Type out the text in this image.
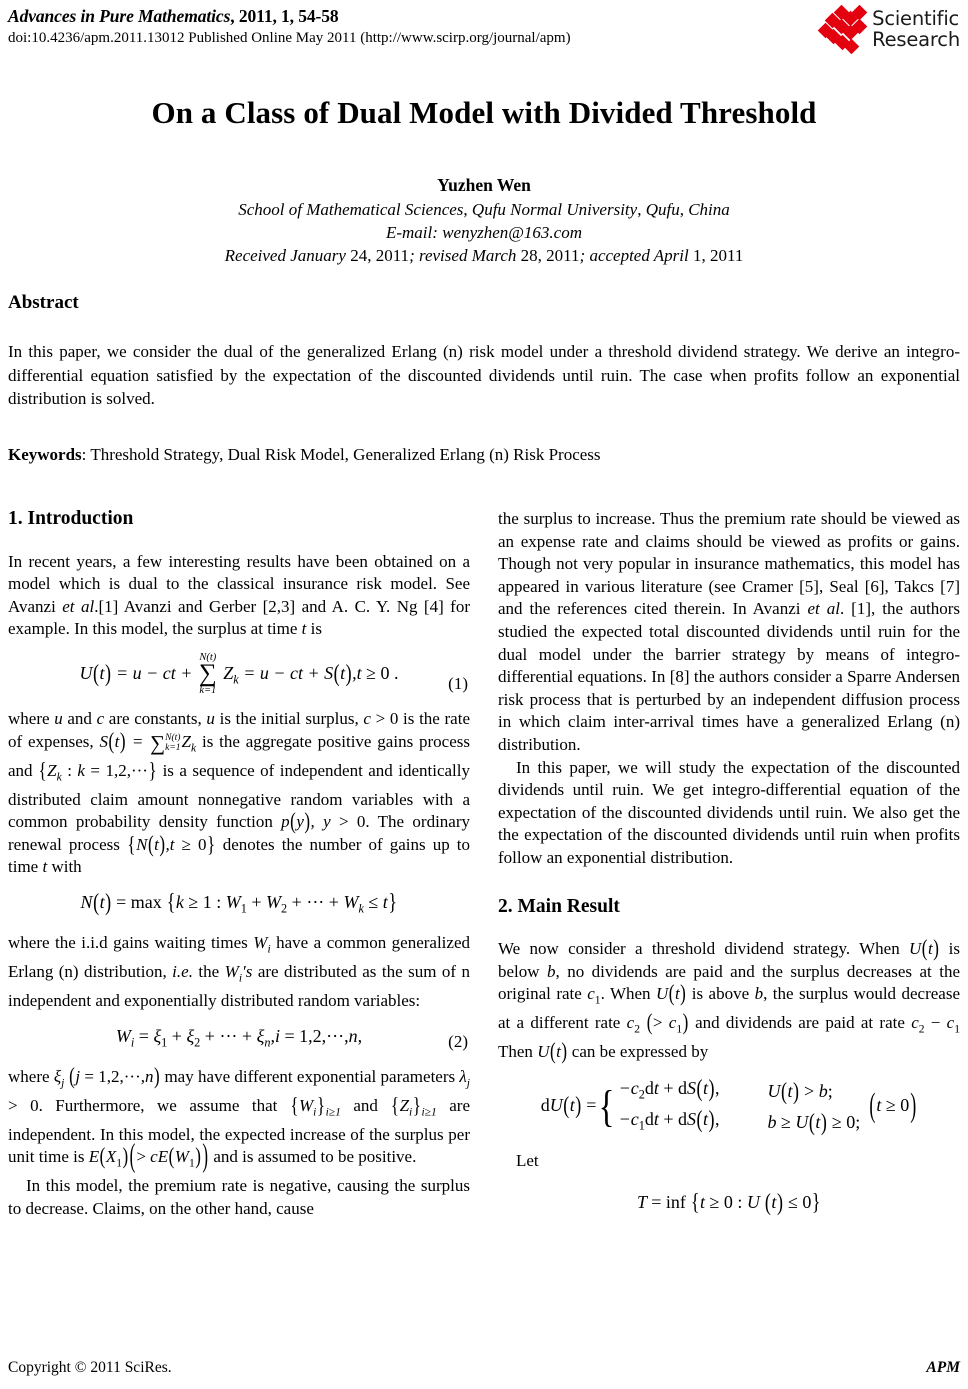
Advances in Pure Mathematics, 2011, 1, 54-58
doi:10.4236/apm.2011.13012 Published Online May 2011 (http://www.scirp.org/journal/apm)
Scientific
Research
On a Class of Dual Model with Divided Threshold
Yuzhen Wen
School of Mathematical Sciences, Qufu Normal University, Qufu, China
E-mail: wenyzhen@163.com
Received January 24, 2011; revised March 28, 2011; accepted April 1, 2011
Abstract
In this paper, we consider the dual of the generalized Erlang (n) risk model under a threshold dividend strategy. We derive an integro-differential equation satisfied by the expectation of the discounted dividends until ruin. The case when profits follow an exponential distribution is solved.
Keywords: Threshold Strategy, Dual Risk Model, Generalized Erlang (n) Risk Process
1. Introduction

In recent years, a few interesting results have been obtained on a model which is dual to the classical insurance risk model. See Avanzi et al.[1] Avanzi and Gerber [2,3] and A. C. Y. Ng [4] for example. In this model, the surplus at time t is

U(t) = u − ct +
N(t)
∑
k=1
$Z_k = u$ − ct + S(t),t ≥ 0 .
(1)

where u and c are constants, u is the initial surplus, c > 0 is the rate of expenses, S(t) = ∑ N(t)
k=1 $Z_k$ is the aggregate positive gains process and {$Z_k$ : k = 1,2,···} is a sequence of independent and identically distributed claim amount nonnegative random variables with a common probability density function p(y), y > 0. The ordinary renewal process {N(t),t ≥ 0} denotes the number of gains up to time t with

N(t) = max {k ≥ 1 : $W_1 + W_2$ + ··· + $W_k \le t$}

where the i.i.d gains waiting times $W_i$ have a common generalized Erlang (n) distribution, i.e. the $W_i's$ are distributed as the sum of n independent and exponentially distributed random variables:

$W_i = \xi_1 + \xi_2$ + ··· + $\xi_n,i = 1,2,\cdot\cdot\cdot,n$,	(2)

where $\xi_j$ (j = 1,2,···,n) may have different exponential parameters $\lambda_j > 0$. Furthermore, we assume that $\{W_i\}_{i\ge 1}$ and $\{Z_i\}_{i\ge 1}$ are independent. In this model, the expected increase of the surplus per unit time is $E(X_1)(> cE(W_1))$ and is assumed to be positive.

In this model, the premium rate is negative, causing the surplus to decrease. Claims, on the other hand, cause

the surplus to increase. Thus the premium rate should be viewed as an expense rate and claims should be viewed as profits or gains. Though not very popular in insurance mathematics, this model has appeared in various literature (see Cramer [5], Seal [6], Takcs [7] and the references cited therein. In Avanzi et al. [1], the authors studied the expected total discounted dividends until ruin for the dual model under the barrier strategy by means of integro-differential equations. In [8] the authors consider a Sparre Andersen risk process that is perturbed by an independent diffusion process in which claim inter-arrival times have a generalized Erlang (n) distribution.

In this paper, we will study the expectation of the discounted dividends until ruin. We get integro-differential equation of the expectation of the discounted dividends until ruin. We also get the the expectation of the discounted dividends until ruin when profits follow an exponential distribution.

2. Main Result

We now consider a threshold dividend strategy. When U(t) is below b, no dividends are paid and the surplus decreases at the original rate $c_1$. When U(t) is above b, the surplus would decrease at a different rate $c_2$ (> $c_1$) and dividends are paid at rate $c_2 - c_1$ Then U(t) can be expressed by

dU(t) ={ $-c_2dt + dS(t)$,	U(t) > b;
$-c_1dt + dS(t)$,	b ≥ U(t) ≥ 0; (t ≥ 0)

Let

T = inf {t ≥ 0 : U (t) ≤ 0}
Copyright © 2011 SciRes.	APM
